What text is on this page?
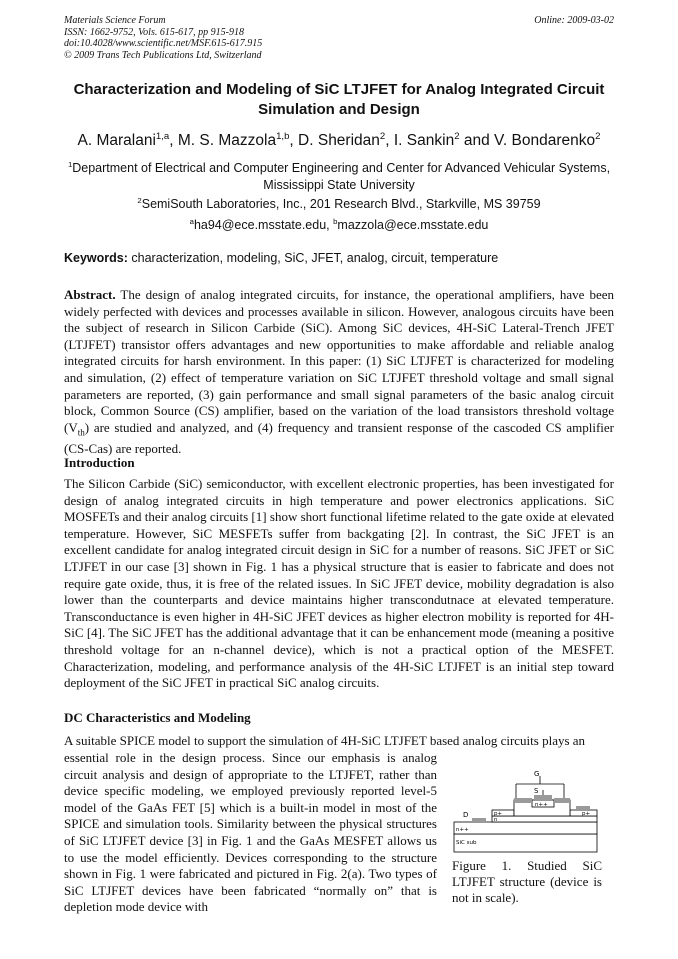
Materials Science Forum
ISSN: 1662-9752, Vols. 615-617, pp 915-918
doi:10.4028/www.scientific.net/MSF.615-617.915
© 2009 Trans Tech Publications Ltd, Switzerland
Online: 2009-03-02
Characterization and Modeling of SiC LTJFET for Analog Integrated Circuit Simulation and Design
A. Maralani$^{1,a}$, M. S. Mazzola$^{1,b}$, D. Sheridan$^2$, I. Sankin$^2$ and V. Bondarenko$^2$
$^1$Department of Electrical and Computer Engineering and Center for Advanced Vehicular Systems, Mississippi State University
$^2$SemiSouth Laboratories, Inc., 201 Research Blvd., Starkville, MS 39759
$^a$ha94@ece.msstate.edu, $^b$mazzola@ece.msstate.edu
Keywords: characterization, modeling, SiC, JFET, analog, circuit, temperature
Abstract. The design of analog integrated circuits, for instance, the operational amplifiers, have been widely perfected with devices and processes available in silicon. However, analogous circuits have been the subject of research in Silicon Carbide (SiC). Among SiC devices, 4H-SiC Lateral-Trench JFET (LTJFET) transistor offers advantages and new opportunities to make affordable and reliable analog integrated circuits for harsh environment. In this paper: (1) SiC LTJFET is characterized for modeling and simulation, (2) effect of temperature variation on SiC LTJFET threshold voltage and small signal parameters are reported, (3) gain performance and small signal parameters of the basic analog circuit block, Common Source (CS) amplifier, based on the variation of the load transistors threshold voltage $(V_{th})$ are studied and analyzed, and (4) frequency and transient response of the cascoded CS amplifier (CS-Cas) are reported.
Introduction
The Silicon Carbide (SiC) semiconductor, with excellent electronic properties, has been investigated for design of analog integrated circuits in high temperature and power electronics applications. SiC MOSFETs and their analog circuits [1] show short functional lifetime related to the gate oxide at elevated temperature. However, SiC MESFETs suffer from backgating [2]. In contrast, the SiC JFET is an excellent candidate for analog integrated circuit design in SiC for a number of reasons. SiC JFET or SiC LTJFET in our case [3] shown in Fig. 1 has a physical structure that is easier to fabricate and does not require gate oxide, thus, it is free of the related issues. In SiC JFET device, mobility degradation is also lower than the counterparts and device maintains higher transcondutnace at elevated temperature. Transconductance is even higher in 4H-SiC JFET devices as higher electron mobility is reported for 4H-SiC [4]. The SiC JFET has the additional advantage that it can be enhancement mode (meaning a positive threshold voltage for an n-channel device), which is not a practical option of the MESFET. Characterization, modeling, and performance analysis of the 4H-SiC LTJFET is an initial step toward deployment of the SiC JFET in practical SiC analog circuits.
DC Characteristics and Modeling
A suitable SPICE model to support the simulation of 4H-SiC LTJFET based analog circuits plays an
essential role in the design process. Since our emphasis is analog circuit analysis and design of appropriate to the LTJFET, rather than device specific modeling, we employed previously reported level-5 model of the GaAs FET [5] which is a built-in model in most of the SPICE and simulation tools. Similarity between the physical structures of SiC LTJFET device [3] in Fig. 1 and the GaAs MESFET allows us to use the model efficiently. Devices corresponding to the structure shown in Fig. 1 were fabricated and pictured in Fig. 2(a). Two types of SiC LTJFET devices have been fabricated “normally on” that is depletion mode device with
G
S
n++
p+
n
p+
D
n++
SiC sub
Figure 1. Studied SiC LTJFET structure (device is not in scale).
